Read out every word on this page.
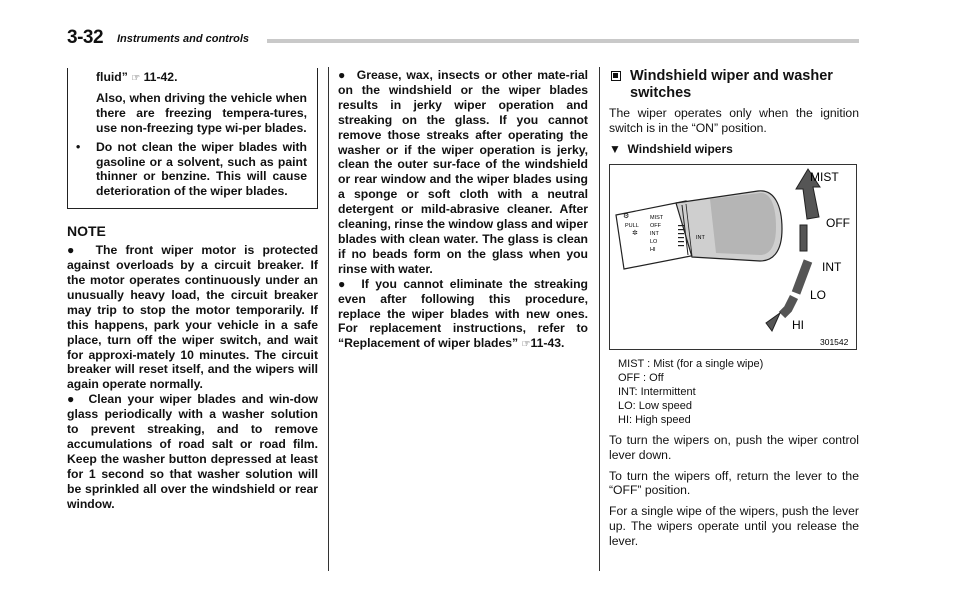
3-32 Instruments and controls

fluid” ☞ 11-42.

Also, when driving the vehicle when there are freezing tempera-tures, use non-freezing type wi-per blades.

• Do not clean the wiper blades with gasoline or a solvent, such as paint thinner or benzine. This will cause deterioration of the wiper blades.

NOTE

●  The front wiper motor is protected against overloads by a circuit breaker. If the motor operates continuously under an unusually heavy load, the circuit breaker may trip to stop the motor temporarily. If this happens, park your vehicle in a safe place, turn off the wiper switch, and wait for approxi-mately 10 minutes. The circuit breaker will reset itself, and the wipers will again operate normally.

●  Clean your wiper blades and win-dow glass periodically with a washer solution to prevent streaking, and to remove accumulations of road salt or road film. Keep the washer button depressed at least for 1 second so that washer solution will be sprinkled all over the windshield or rear window.

●  Grease, wax, insects or other mate-rial on the windshield or the wiper blades results in jerky wiper operation and streaking on the glass. If you cannot remove those streaks after operating the washer or if the wiper operation is jerky, clean the outer sur-face of the windshield or rear window and the wiper blades using a sponge or soft cloth with a neutral detergent or mild-abrasive cleaner. After cleaning, rinse the window glass and wiper blades with clean water. The glass is clean if no beads form on the glass when you rinse with water.

●  If you cannot eliminate the streaking even after following this procedure, replace the wiper blades with new ones. For replacement instructions, refer to “Replacement of wiper blades” ☞11-43.

Windshield wiper and washer switches

The wiper operates only when the ignition switch is in the “ON” position.

▼  Windshield wipers
⚙
PULL
MIST
OFF
INT
LO
HI
✲
INT
MIST
OFF
INT
LO
HI
301542
MIST : Mist (for a single wipe)
OFF : Off
INT: Intermittent
LO: Low speed
HI: High speed

To turn the wipers on, push the wiper control lever down.

To turn the wipers off, return the lever to the “OFF” position.

For a single wipe of the wipers, push the lever up. The wipers operate until you release the lever.
